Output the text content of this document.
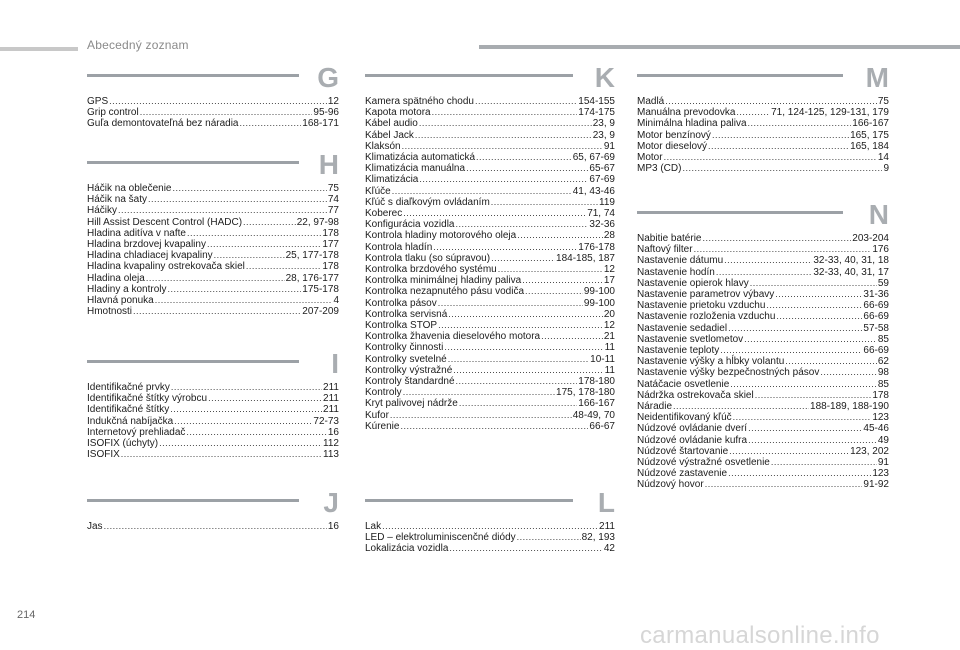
Abecedný zoznam
G
GPS .....	12
Grip control .....	95-96
Guľa demontovateľná bez náradia .....	168-171
H
Háčik na oblečenie .....	75
Háčik na šaty .....	74
Háčiky .....	77
Hill Assist Descent Control (HADC) .....	22, 97-98
Hladina aditíva v nafte .....	178
Hladina brzdovej kvapaliny .....	177
Hladina chladiacej kvapaliny .....	25, 177-178
Hladina kvapaliny ostrekovača skiel .....	178
Hladina oleja .....	28, 176-177
Hladiny a kontroly .....	175-178
Hlavná ponuka .....	4
Hmotnosti .....	207-209
I
Identifikačné prvky .....	211
Identifikačné štítky výrobcu .....	211
Identifikačné štítky .....	211
Indukčná nabíjačka .....	72-73
Internetový prehliadač .....	16
ISOFIX (úchyty) .....	112
ISOFIX .....	113
J
Jas .....	16
K
Kamera spätného chodu .....	154-155
Kapota motora .....	174-175
Kábel audio .....	23, 9
Kábel Jack .....	23, 9
Klaksón .....	91
Klimatizácia automatická .....	65, 67-69
Klimatizácia manuálna .....	65-67
Klimatizácia .....	67-69
Kľúče .....	41, 43-46
Kľúč s diaľkovým ovládaním .....	119
Koberec .....	71, 74
Konfigurácia vozidla .....	32-36
Kontrola hladiny motorového oleja .....	28
Kontrola hladín .....	176-178
Kontrola tlaku (so súpravou) .....	184-185, 187
Kontrolka brzdového systému .....	12
Kontrolka minimálnej hladiny paliva .....	17
Kontrolka nezapnutého pásu vodiča .....	99-100
Kontrolka pásov .....	99-100
Kontrolka servisná .....	20
Kontrolka STOP .....	12
Kontrolka žhavenia dieselového motora .....	21
Kontrolky činnosti .....	11
Kontrolky svetelné .....	10-11
Kontrolky výstražné .....	11
Kontroly štandardné .....	178-180
Kontroly .....	175, 178-180
Kryt palivovej nádrže .....	166-167
Kufor .....	48-49, 70
Kúrenie .....	66-67
L
Lak .....	211
LED – elektroluminiscenčné diódy .....	82, 193
Lokalizácia vozidla .....	42
M
Madlá .....	75
Manuálna prevodovka .....	71, 124-125, 129-131, 179
Minimálna hladina paliva .....	166-167
Motor benzínový .....	165, 175
Motor dieselový .....	165, 184
Motor .....	14
MP3 (CD) .....	9
N
Nabitie batérie .....	203-204
Naftový filter .....	176
Nastavenie dátumu .....	32-33, 40, 31, 18
Nastavenie hodín .....	32-33, 40, 31, 17
Nastavenie opierok hlavy .....	59
Nastavenie parametrov výbavy .....	31-36
Nastavenie prietoku vzduchu .....	66-69
Nastavenie rozloženia vzduchu .....	66-69
Nastavenie sedadiel .....	57-58
Nastavenie svetlometov .....	85
Nastavenie teploty .....	66-69
Nastavenie výšky a hĺbky volantu .....	62
Nastavenie výšky bezpečnostných pásov .....	98
Natáčacie osvetlenie .....	85
Nádržka ostrekovača skiel .....	178
Náradie .....	188-189, 188-190
Neidentifikovaný kľúč .....	123
Núdzové ovládanie dverí .....	45-46
Núdzové ovládanie kufra .....	49
Núdzové štartovanie .....	123, 202
Núdzové výstražné osvetlenie .....	91
Núdzové zastavenie .....	123
Núdzový hovor .....	91-92
214
carmanualsonline.info
